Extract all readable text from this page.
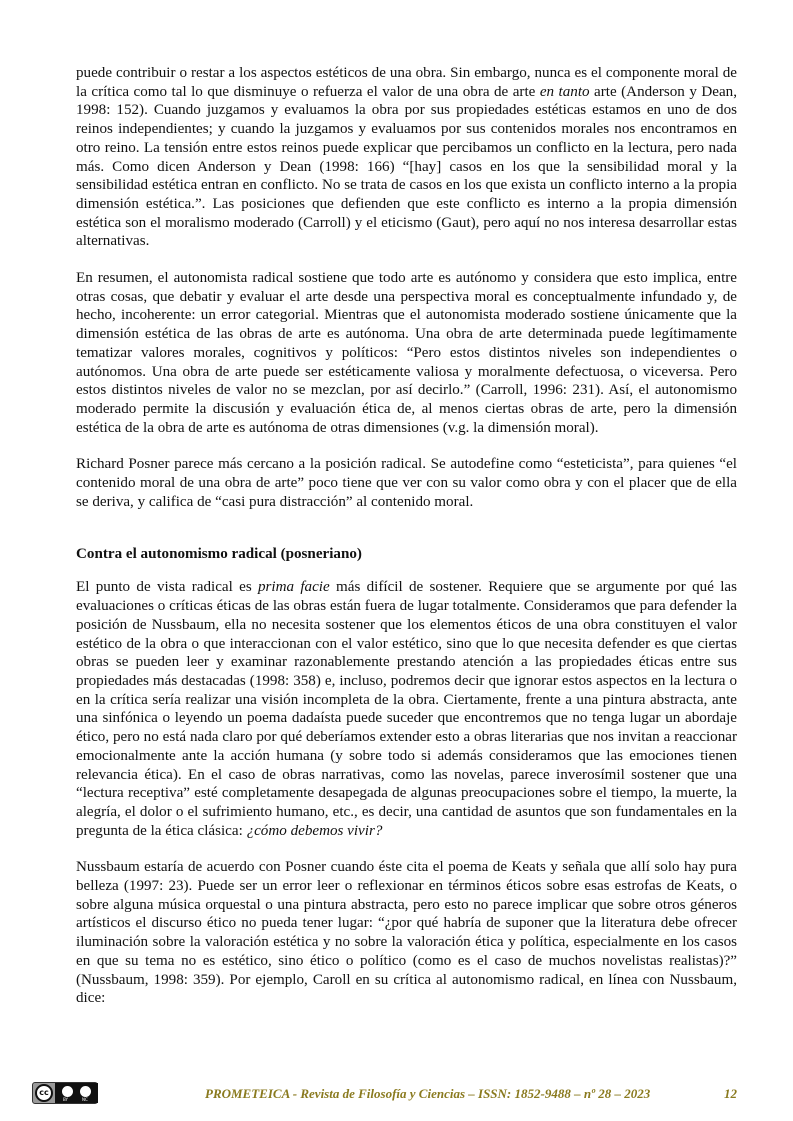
puede contribuir o restar a los aspectos estéticos de una obra. Sin embargo, nunca es el componente moral de la crítica como tal lo que disminuye o refuerza el valor de una obra de arte en tanto arte (Anderson y Dean, 1998: 152). Cuando juzgamos y evaluamos la obra por sus propiedades estéticas estamos en uno de dos reinos independientes; y cuando la juzgamos y evaluamos por sus contenidos morales nos encontramos en otro reino. La tensión entre estos reinos puede explicar que percibamos un conflicto en la lectura, pero nada más. Como dicen Anderson y Dean (1998: 166) “[hay] casos en los que la sensibilidad moral y la sensibilidad estética entran en conflicto. No se trata de casos en los que exista un conflicto interno a la propia dimensión estética.”. Las posiciones que defienden que este conflicto es interno a la propia dimensión estética son el moralismo moderado (Carroll) y el eticismo (Gaut), pero aquí no nos interesa desarrollar estas alternativas.

En resumen, el autonomista radical sostiene que todo arte es autónomo y considera que esto implica, entre otras cosas, que debatir y evaluar el arte desde una perspectiva moral es conceptualmente infundado y, de hecho, incoherente: un error categorial. Mientras que el autonomista moderado sostiene únicamente que la dimensión estética de las obras de arte es autónoma. Una obra de arte determinada puede legítimamente tematizar valores morales, cognitivos y políticos: “Pero estos distintos niveles son independientes o autónomos. Una obra de arte puede ser estéticamente valiosa y moralmente defectuosa, o viceversa. Pero estos distintos niveles de valor no se mezclan, por así decirlo.” (Carroll, 1996: 231). Así, el autonomismo moderado permite la discusión y evaluación ética de, al menos ciertas obras de arte, pero la dimensión estética de la obra de arte es autónoma de otras dimensiones (v.g. la dimensión moral).

Richard Posner parece más cercano a la posición radical. Se autodefine como “esteticista”, para quienes “el contenido moral de una obra de arte” poco tiene que ver con su valor como obra y con el placer que de ella se deriva, y califica de “casi pura distracción” al contenido moral.

Contra el autonomismo radical (posneriano)

El punto de vista radical es prima facie más difícil de sostener. Requiere que se argumente por qué las evaluaciones o críticas éticas de las obras están fuera de lugar totalmente. Consideramos que para defender la posición de Nussbaum, ella no necesita sostener que los elementos éticos de una obra constituyen el valor estético de la obra o que interaccionan con el valor estético, sino que lo que necesita defender es que ciertas obras se pueden leer y examinar razonablemente prestando atención a las propiedades éticas entre sus propiedades más destacadas (1998: 358) e, incluso, podremos decir que ignorar estos aspectos en la lectura o en la crítica sería realizar una visión incompleta de la obra. Ciertamente, frente a una pintura abstracta, ante una sinfónica o leyendo un poema dadaísta puede suceder que encontremos que no tenga lugar un abordaje ético, pero no está nada claro por qué deberíamos extender esto a obras literarias que nos invitan a reaccionar emocionalmente ante la acción humana (y sobre todo si además consideramos que las emociones tienen relevancia ética). En el caso de obras narrativas, como las novelas, parece inverosímil sostener que una “lectura receptiva” esté completamente desapegada de algunas preocupaciones sobre el tiempo, la muerte, la alegría, el dolor o el sufrimiento humano, etc., es decir, una cantidad de asuntos que son fundamentales en la pregunta de la ética clásica: ¿cómo debemos vivir?

Nussbaum estaría de acuerdo con Posner cuando éste cita el poema de Keats y señala que allí solo hay pura belleza (1997: 23). Puede ser un error leer o reflexionar en términos éticos sobre esas estrofas de Keats, o sobre alguna música orquestal o una pintura abstracta, pero esto no parece implicar que sobre otros géneros artísticos el discurso ético no pueda tener lugar: “¿por qué habría de suponer que la literatura debe ofrecer iluminación sobre la valoración estética y no sobre la valoración ética y política, especialmente en los casos en que su tema no es estético, sino ético o político (como es el caso de muchos novelistas realistas)?” (Nussbaum, 1998: 359). Por ejemplo, Caroll en su crítica al autonomismo radical, en línea con Nussbaum, dice:

cc
BY	NC	PROMETEICA - Revista de Filosofía y Ciencias – ISSN: 1852-9488 – nº 28 – 2023	12
